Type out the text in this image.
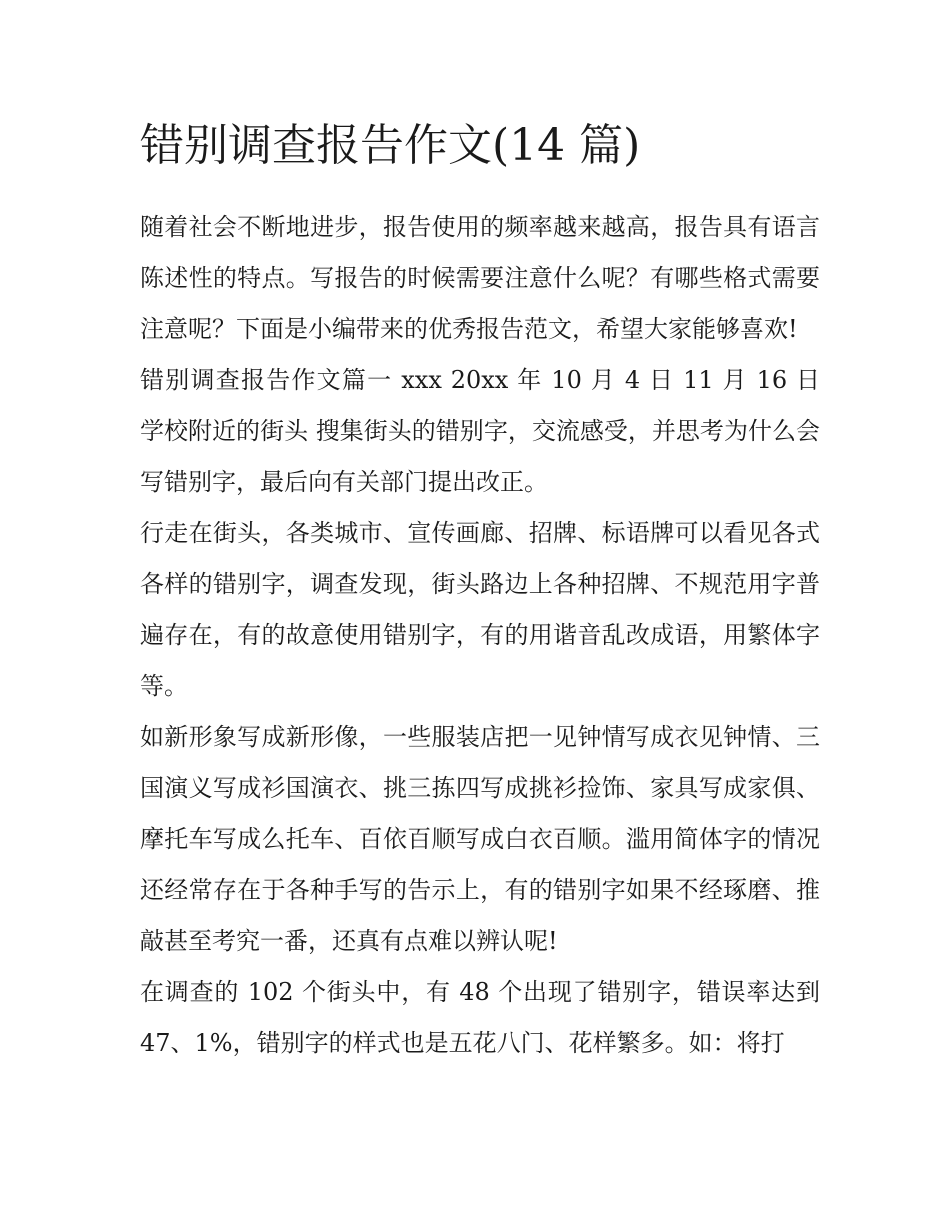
错别调查报告作文(14 篇)

随着社会不断地进步，报告使用的频率越来越高，报告具有语言陈述性的特点。写报告的时候需要注意什么呢？有哪些格式需要注意呢？下面是小编带来的优秀报告范文，希望大家能够喜欢!

错别调查报告作文篇一 xxx 20xx 年 10 月 4 日 11 月 16 日 学校附近的街头 搜集街头的错别字，交流感受，并思考为什么会写错别字，最后向有关部门提出改正。

行走在街头，各类城市、宣传画廊、招牌、标语牌可以看见各式各样的错别字，调查发现，街头路边上各种招牌、不规范用字普遍存在，有的故意使用错别字，有的用谐音乱改成语，用繁体字等。

如新形象写成新形像，一些服装店把一见钟情写成衣见钟情、三国演义写成衫国演衣、挑三拣四写成挑衫捡饰、家具写成家俱、摩托车写成么托车、百依百顺写成白衣百顺。滥用简体字的情况还经常存在于各种手写的告示上，有的错别字如果不经琢磨、推敲甚至考究一番，还真有点难以辨认呢!

在调查的 102 个街头中，有 48 个出现了错别字，错误率达到 47、1%，错别字的样式也是五花八门、花样繁多。如：将打
